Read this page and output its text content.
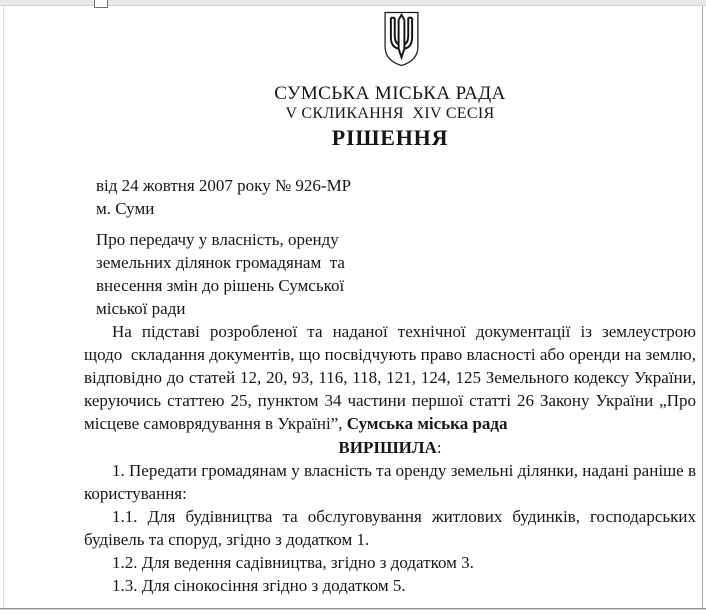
СУМСЬКА МІСЬКА РАДА
V СКЛИКАННЯ  XIV СЕСІЯ
РІШЕННЯ
від 24 жовтня 2007 року № 926-МР
м. Суми
Про передачу у власність, оренду
земельних ділянок громадянам  та
внесення змін до рішень Сумської
міської ради

На підставі розробленої та наданої технічної документації із землеустрою щодо  складання документів, що посвідчують право власності або оренди на землю, відповідно до статей 12, 20, 93, 116, 118, 121, 124, 125 Земельного кодексу України, керуючись статтею 25, пунктом 34 частини першої статті 26 Закону України „Про місцеве самоврядування в Україні”, Сумська міська рада

ВИРІШИЛА:

1. Передати громадянам у власність та оренду земельні ділянки, надані раніше в користування:

1.1. Для будівництва та обслуговування житлових будинків, господарських будівель та споруд, згідно з додатком 1.

1.2. Для ведення садівництва, згідно з додатком 3.

1.3. Для сінокосіння згідно з додатком 5.
